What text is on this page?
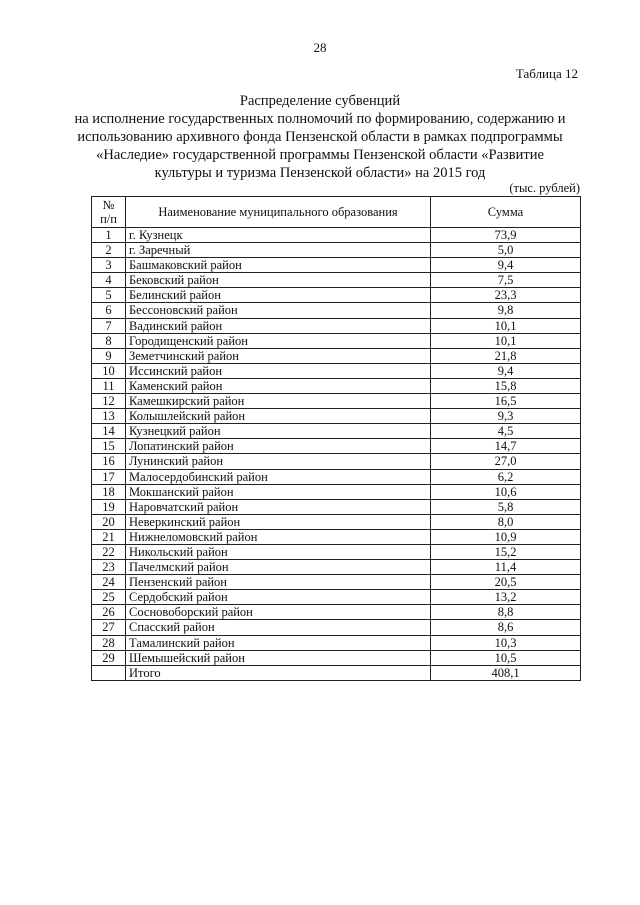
28
Таблица 12
Распределение субвенций
на исполнение государственных полномочий по формированию, содержанию и
использованию архивного фонда Пензенской области в рамках подпрограммы
«Наследие» государственной программы Пензенской области «Развитие
культуры и туризма Пензенской области» на 2015 год
(тыс. рублей)
№
п/п	Наименование муниципального образования	Сумма
1	г. Кузнецк	73,9
2	г. Заречный	5,0
3	Башмаковский район	9,4
4	Бековский район	7,5
5	Белинский район	23,3
6	Бессоновский район	9,8
7	Вадинский район	10,1
8	Городищенский район	10,1
9	Земетчинский район	21,8
10	Иссинский район	9,4
11	Каменский район	15,8
12	Камешкирский район	16,5
13	Колышлейский район	9,3
14	Кузнецкий район	4,5
15	Лопатинский район	14,7
16	Лунинский район	27,0
17	Малосердобинский район	6,2
18	Мокшанский район	10,6
19	Наровчатский район	5,8
20	Неверкинский район	8,0
21	Нижнеломовский район	10,9
22	Никольский район	15,2
23	Пачелмский район	11,4
24	Пензенский район	20,5
25	Сердобский район	13,2
26	Сосновоборский район	8,8
27	Спасский район	8,6
28	Тамалинский район	10,3
29	Шемышейский район	10,5
	Итого	408,1
